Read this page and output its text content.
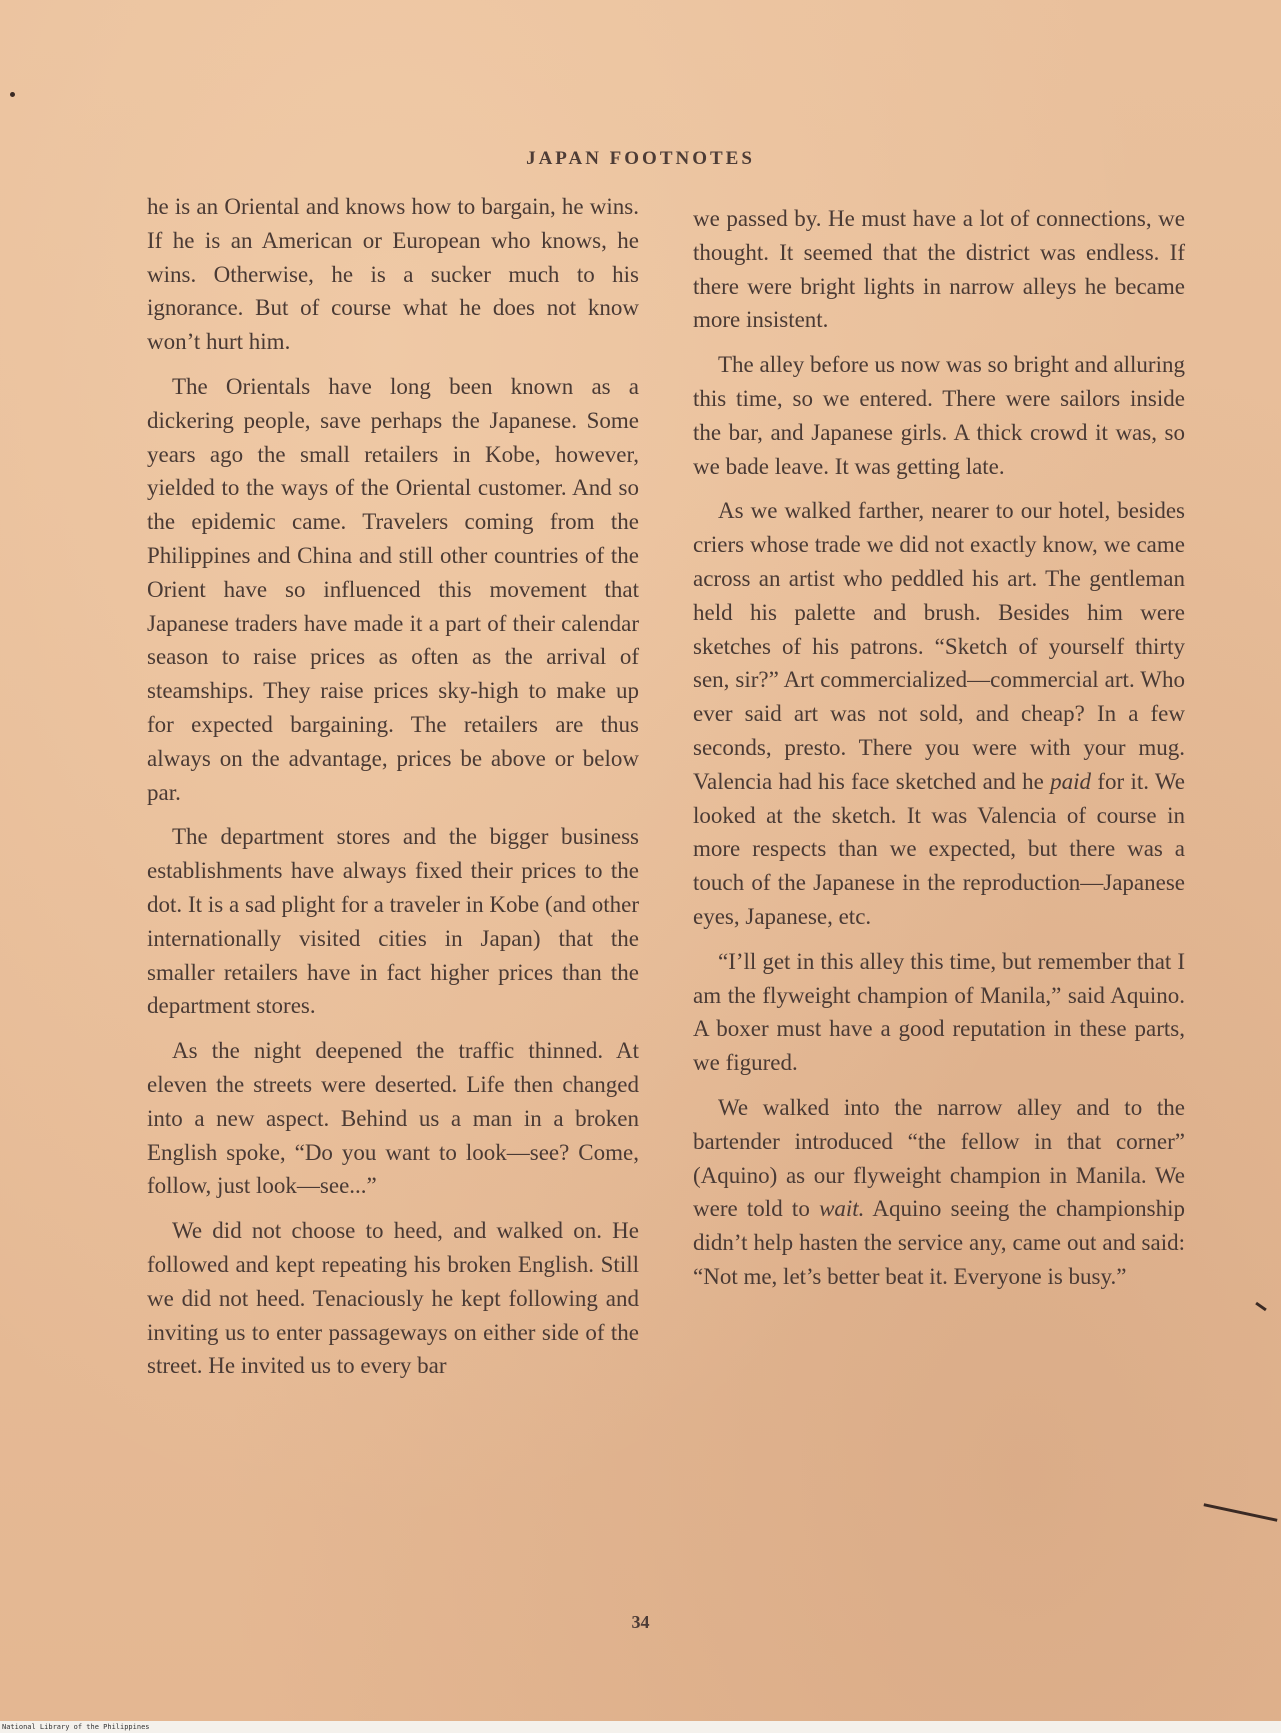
JAPAN FOOTNOTES

he is an Oriental and knows how to bargain, he wins. If he is an American or European who knows, he wins. Otherwise, he is a sucker much to his ignorance. But of course what he does not know won’t hurt him.

The Orientals have long been known as a dickering people, save perhaps the Japanese. Some years ago the small retailers in Kobe, however, yielded to the ways of the Oriental customer. And so the epidemic came. Travelers coming from the Philippines and China and still other countries of the Orient have so influenced this movement that Japanese traders have made it a part of their calendar season to raise prices as often as the arrival of steamships. They raise prices sky-high to make up for expected bargaining. The retailers are thus always on the advantage, prices be above or below par.

The department stores and the bigger business establishments have always fixed their prices to the dot. It is a sad plight for a traveler in Kobe (and other internationally visited cities in Japan) that the smaller retailers have in fact higher prices than the department stores.

As the night deepened the traffic thinned. At eleven the streets were deserted. Life then changed into a new aspect. Behind us a man in a broken English spoke, “Do you want to look—see? Come, follow, just look—see...”

We did not choose to heed, and walked on. He followed and kept repeating his broken English. Still we did not heed. Tenaciously he kept following and inviting us to enter passageways on either side of the street. He invited us to every bar

we passed by. He must have a lot of connections, we thought. It seemed that the district was endless. If there were bright lights in narrow alleys he became more insistent.

The alley before us now was so bright and alluring this time, so we entered. There were sailors inside the bar, and Japanese girls. A thick crowd it was, so we bade leave. It was getting late.

As we walked farther, nearer to our hotel, besides criers whose trade we did not exactly know, we came across an artist who peddled his art. The gentleman held his palette and brush. Besides him were sketches of his patrons. “Sketch of yourself thirty sen, sir?” Art commercialized—commercial art. Who ever said art was not sold, and cheap? In a few seconds, presto. There you were with your mug. Valencia had his face sketched and he paid for it. We looked at the sketch. It was Valencia of course in more respects than we expected, but there was a touch of the Japanese in the reproduction—Japanese eyes, Japanese, etc.

“I’ll get in this alley this time, but remember that I am the flyweight champion of Manila,” said Aquino. A boxer must have a good reputation in these parts, we figured.

We walked into the narrow alley and to the bartender introduced “the fellow in that corner” (Aquino) as our flyweight champion in Manila. We were told to wait. Aquino seeing the championship didn’t help hasten the service any, came out and said: “Not me, let’s better beat it. Everyone is busy.”

34
National Library of the Philippines
